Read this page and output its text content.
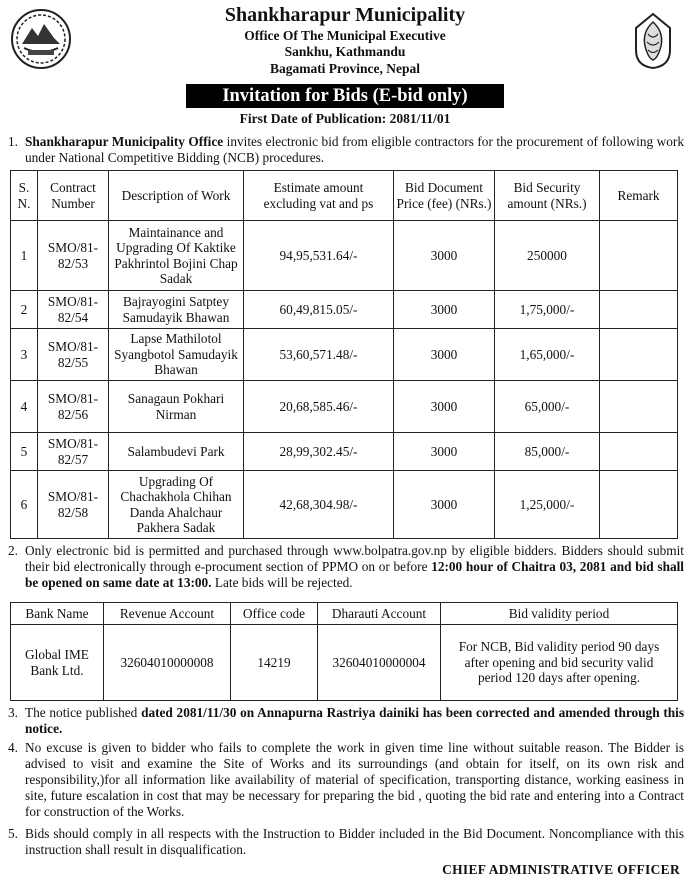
Shankharapur Municipality
Office Of The Municipal Executive
Sankhu, Kathmandu
Bagamati Province, Nepal
Invitation for Bids (E-bid only)
First Date of Publication: 2081/11/01
1. Shankharapur Municipality Office invites electronic bid from eligible contractors for the procurement of following work under National Competitive Bidding (NCB) procedures.
S. N.	Contract Number	Description of Work	Estimate amount excluding vat and ps	Bid Document Price (fee) (NRs.)	Bid Security amount (NRs.)	Remark
1	SMO/81-82/53	Maintainance and Upgrading Of Kaktike Pakhrintol Bojini Chap Sadak	94,95,531.64/-	3000	250000	
2	SMO/81-82/54	Bajrayogini Satptey Samudayik Bhawan	60,49,815.05/-	3000	1,75,000/-	
3	SMO/81-82/55	Lapse Mathilotol Syangbotol Samudayik Bhawan	53,60,571.48/-	3000	1,65,000/-	
4	SMO/81-82/56	Sanagaun Pokhari Nirman	20,68,585.46/-	3000	65,000/-	
5	SMO/81-82/57	Salambudevi Park	28,99,302.45/-	3000	85,000/-	
6	SMO/81-82/58	Upgrading Of Chachakhola Chihan Danda Ahalchaur Pakhera Sadak	42,68,304.98/-	3000	1,25,000/-	
2. Only electronic bid is permitted and purchased through www.bolpatra.gov.np by eligible bidders. Bidders should submit their bid electronically through e-procument section of PPMO on or before 12:00 hour of Chaitra 03, 2081 and bid shall be opened on same date at 13:00. Late bids will be rejected.
Bank Name	Revenue Account	Office code	Dharauti Account	Bid validity period
Global IME Bank Ltd.	32604010000008	14219	32604010000004	For NCB, Bid validity period 90 days after opening and bid security valid period 120 days after opening.
3. The notice published dated 2081/11/30 on Annapurna Rastriya dainiki has been corrected and amended through this notice.
4. No excuse is given to bidder who fails to complete the work in given time line without suitable reason. The Bidder is advised to visit and examine the Site of Works and its surroundings (and obtain for itself, on its own risk and responsibility,)for all information like availability of material of specification, transporting distance, working easiness in site, future escalation in cost that may be necessary for preparing the bid , quoting the bid rate and entering into a Contract for construction of the Works.
5. Bids should comply in all respects with the Instruction to Bidder included in the Bid Document. Noncompliance with this instruction shall result in disqualification.
CHIEF ADMINISTRATIVE OFFICER
